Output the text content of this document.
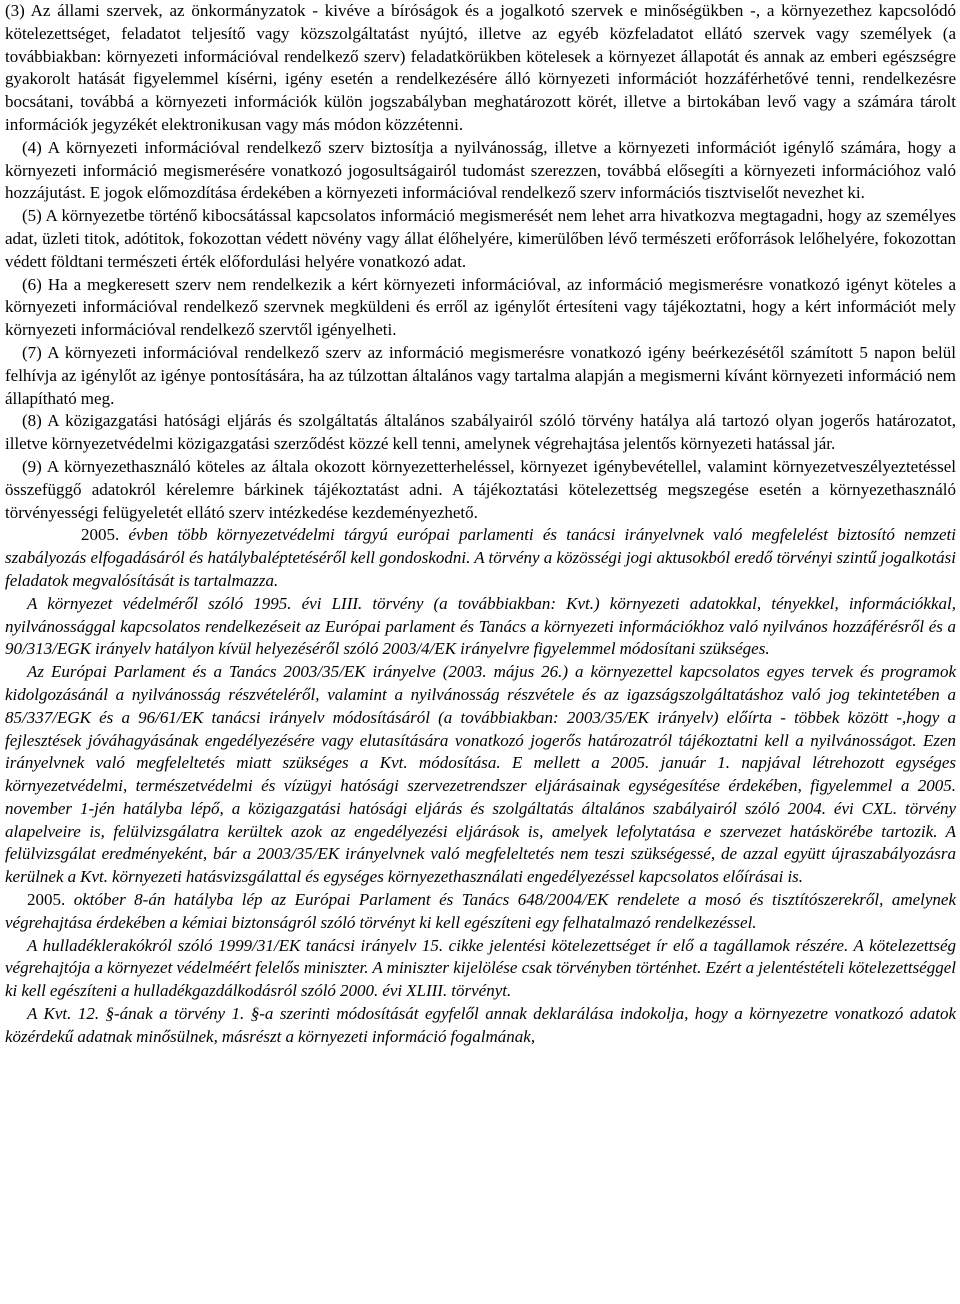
(3) Az állami szervek, az önkormányzatok - kivéve a bíróságok és a jogalkotó szervek e minőségükben -, a környezethez kapcsolódó kötelezettséget, feladatot teljesítő vagy közszolgáltatást nyújtó, illetve az egyéb közfeladatot ellátó szervek vagy személyek (a továbbiakban: környezeti információval rendelkező szerv) feladatkörükben kötelesek a környezet állapotát és annak az emberi egészségre gyakorolt hatását figyelemmel kísérni, igény esetén a rendelkezésére álló környezeti információt hozzáférhetővé tenni, rendelkezésre bocsátani, továbbá a környezeti információk külön jogszabályban meghatározott körét, illetve a birtokában levő vagy a számára tárolt információk jegyzékét elektronikusan vagy más módon közzétenni.

(4) A környezeti információval rendelkező szerv biztosítja a nyilvánosság, illetve a környezeti információt igénylő számára, hogy a környezeti információ megismerésére vonatkozó jogosultságairól tudomást szerezzen, továbbá elősegíti a környezeti információhoz való hozzájutást. E jogok előmozdítása érdekében a környezeti információval rendelkező szerv információs tisztviselőt nevezhet ki.

(5) A környezetbe történő kibocsátással kapcsolatos információ megismerését nem lehet arra hivatkozva megtagadni, hogy az személyes adat, üzleti titok, adótitok, fokozottan védett növény vagy állat élőhelyére, kimerülőben lévő természeti erőforrások lelőhelyére, fokozottan védett földtani természeti érték előfordulási helyére vonatkozó adat.

(6) Ha a megkeresett szerv nem rendelkezik a kért környezeti információval, az információ megismerésre vonatkozó igényt köteles a környezeti információval rendelkező szervnek megküldeni és erről az igénylőt értesíteni vagy tájékoztatni, hogy a kért információt mely környezeti információval rendelkező szervtől igényelheti.

(7) A környezeti információval rendelkező szerv az információ megismerésre vonatkozó igény beérkezésétől számított 5 napon belül felhívja az igénylőt az igénye pontosítására, ha az túlzottan általános vagy tartalma alapján a megismerni kívánt környezeti információ nem állapítható meg.

(8) A közigazgatási hatósági eljárás és szolgáltatás általános szabályairól szóló törvény hatálya alá tartozó olyan jogerős határozatot, illetve környezetvédelmi közigazgatási szerződést közzé kell tenni, amelynek végrehajtása jelentős környezeti hatással jár.

(9) A környezethasználó köteles az általa okozott környezetterheléssel, környezet igénybevétellel, valamint környezetveszélyeztetéssel összefüggő adatokról kérelemre bárkinek tájékoztatást adni. A tájékoztatási kötelezettség megszegése esetén a környezethasználó törvényességi felügyeletét ellátó szerv intézkedése kezdeményezhető.

2005. évben több környezetvédelmi tárgyú európai parlamenti és tanácsi irányelvnek való megfelelést biztosító nemzeti szabályozás elfogadásáról és hatálybaléptetéséről kell gondoskodni. A törvény a közösségi jogi aktusokból eredő törvényi szintű jogalkotási feladatok megvalósítását is tartalmazza.

A környezet védelméről szóló 1995. évi LIII. törvény (a továbbiakban: Kvt.) környezeti adatokkal, tényekkel, információkkal, nyilvánossággal kapcsolatos rendelkezéseit az Európai parlament és Tanács a környezeti információkhoz való nyilvános hozzáférésről és a 90/313/EGK irányelv hatályon kívül helyezéséről szóló 2003/4/EK irányelvre figyelemmel módosítani szükséges.

Az Európai Parlament és a Tanács 2003/35/EK irányelve (2003. május 26.) a környezettel kapcsolatos egyes tervek és programok kidolgozásánál a nyilvánosság részvételéről, valamint a nyilvánosság részvétele és az igazságszolgáltatáshoz való jog tekintetében a 85/337/EGK és a 96/61/EK tanácsi irányelv módosításáról (a továbbiakban: 2003/35/EK irányelv) előírta - többek között -,hogy a fejlesztések jóváhagyásának engedélyezésére vagy elutasítására vonatkozó jogerős határozatról tájékoztatni kell a nyilvánosságot. Ezen irányelvnek való megfeleltetés miatt szükséges a Kvt. módosítása. E mellett a 2005. január 1. napjával létrehozott egységes környezetvédelmi, természetvédelmi és vízügyi hatósági szervezetrendszer eljárásainak egységesítése érdekében, figyelemmel a 2005. november 1-jén hatályba lépő, a közigazgatási hatósági eljárás és szolgáltatás általános szabályairól szóló 2004. évi CXL. törvény alapelveire is, felülvizsgálatra kerültek azok az engedélyezési eljárások is, amelyek lefolytatása e szervezet hatáskörébe tartozik. A felülvizsgálat eredményeként, bár a 2003/35/EK irányelvnek való megfeleltetés nem teszi szükségessé, de azzal együtt újraszabályozásra kerülnek a Kvt. környezeti hatásvizsgálattal és egységes környezethasználati engedélyezéssel kapcsolatos előírásai is.

2005. október 8-án hatályba lép az Európai Parlament és Tanács 648/2004/EK rendelete a mosó és tisztítószerekről, amelynek végrehajtása érdekében a kémiai biztonságról szóló törvényt ki kell egészíteni egy felhatalmazó rendelkezéssel.

A hulladéklerakókról szóló 1999/31/EK tanácsi irányelv 15. cikke jelentési kötelezettséget ír elő a tagállamok részére. A kötelezettség végrehajtója a környezet védelméért felelős miniszter. A miniszter kijelölése csak törvényben történhet. Ezért a jelentéstételi kötelezettséggel ki kell egészíteni a hulladékgazdálkodásról szóló 2000. évi XLIII. törvényt.

A Kvt. 12. §-ának a törvény 1. §-a szerinti módosítását egyfelől annak deklarálása indokolja, hogy a környezetre vonatkozó adatok közérdekű adatnak minősülnek, másrészt a környezeti információ fogalmának,
